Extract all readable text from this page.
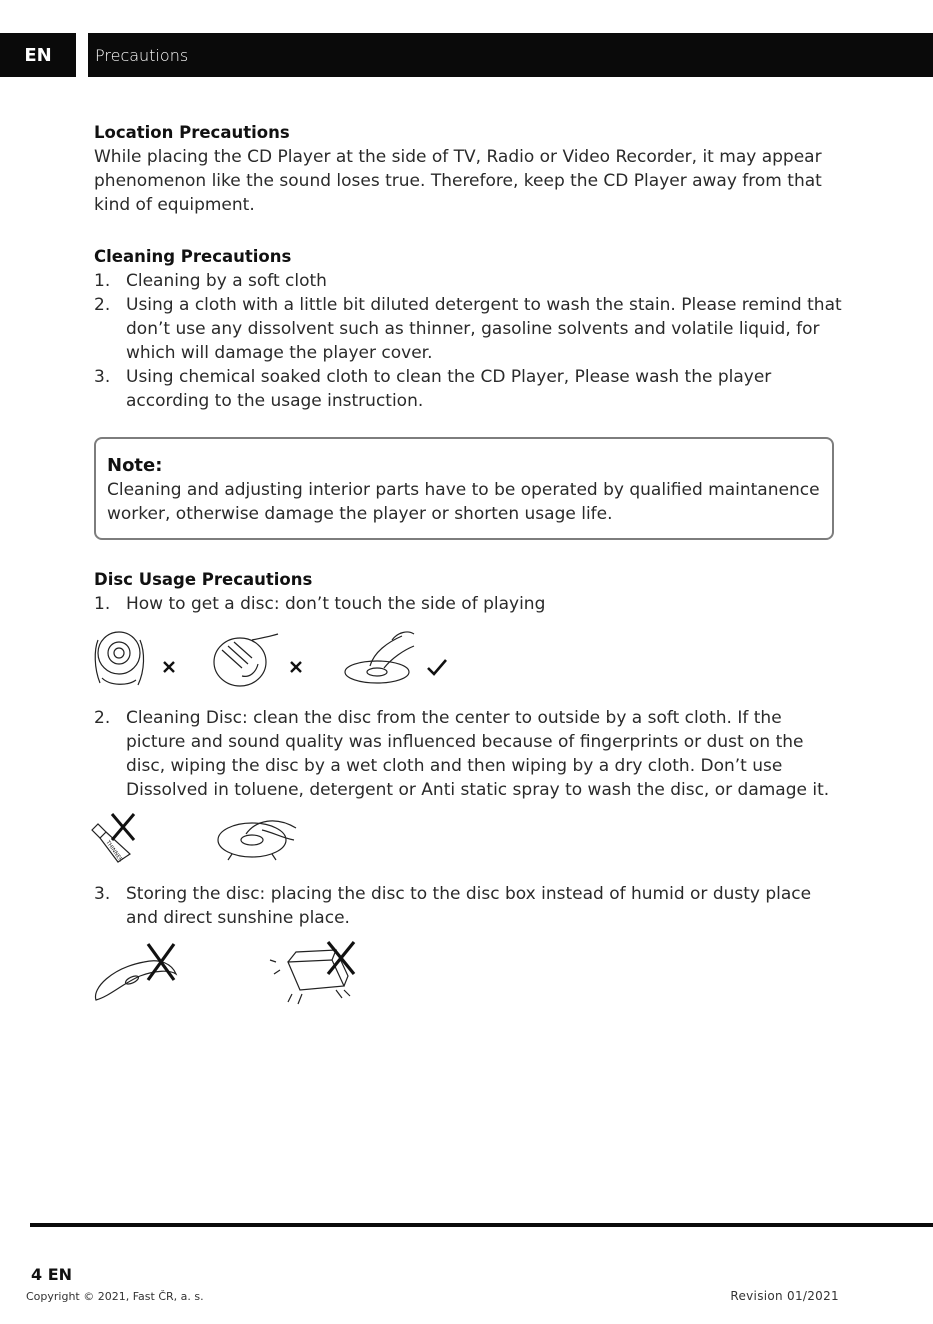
EN	Precautions
Location Precautions

While placing the CD Player at the side of TV, Radio or Video Recorder, it may appear phenomenon like the sound loses true. Therefore, keep the CD Player away from that kind of equipment.

Cleaning Precautions
1. Cleaning by a soft cloth
2. Using a cloth with a little bit diluted detergent to wash the stain. Please remind that don’t use any dissolvent such as thinner, gasoline solvents and volatile liquid, for which will damage the player cover.
3. Using chemical soaked cloth to clean the CD Player, Please wash the player according to the usage instruction.
Note:

Cleaning and adjusting interior parts have to be operated by qualified maintanence worker, otherwise damage the player or shorten usage life.

Disc Usage Precautions
1. How to get a disc: don’t touch the side of playing
2. Cleaning Disc: clean the disc from the center to outside by a soft cloth. If the picture and sound quality was influenced because of fingerprints or dust on the disc, wiping the disc by a wet cloth and then wiping by a dry cloth. Don’t use Dissolved in toluene, detergent or Anti static spray to wash the disc, or damage it.
THINNER
3. Storing the disc: placing the disc to the disc box instead of humid or dusty place and direct sunshine place.
4 EN
Copyright © 2021, Fast ČR, a. s.	Revision 01/2021
